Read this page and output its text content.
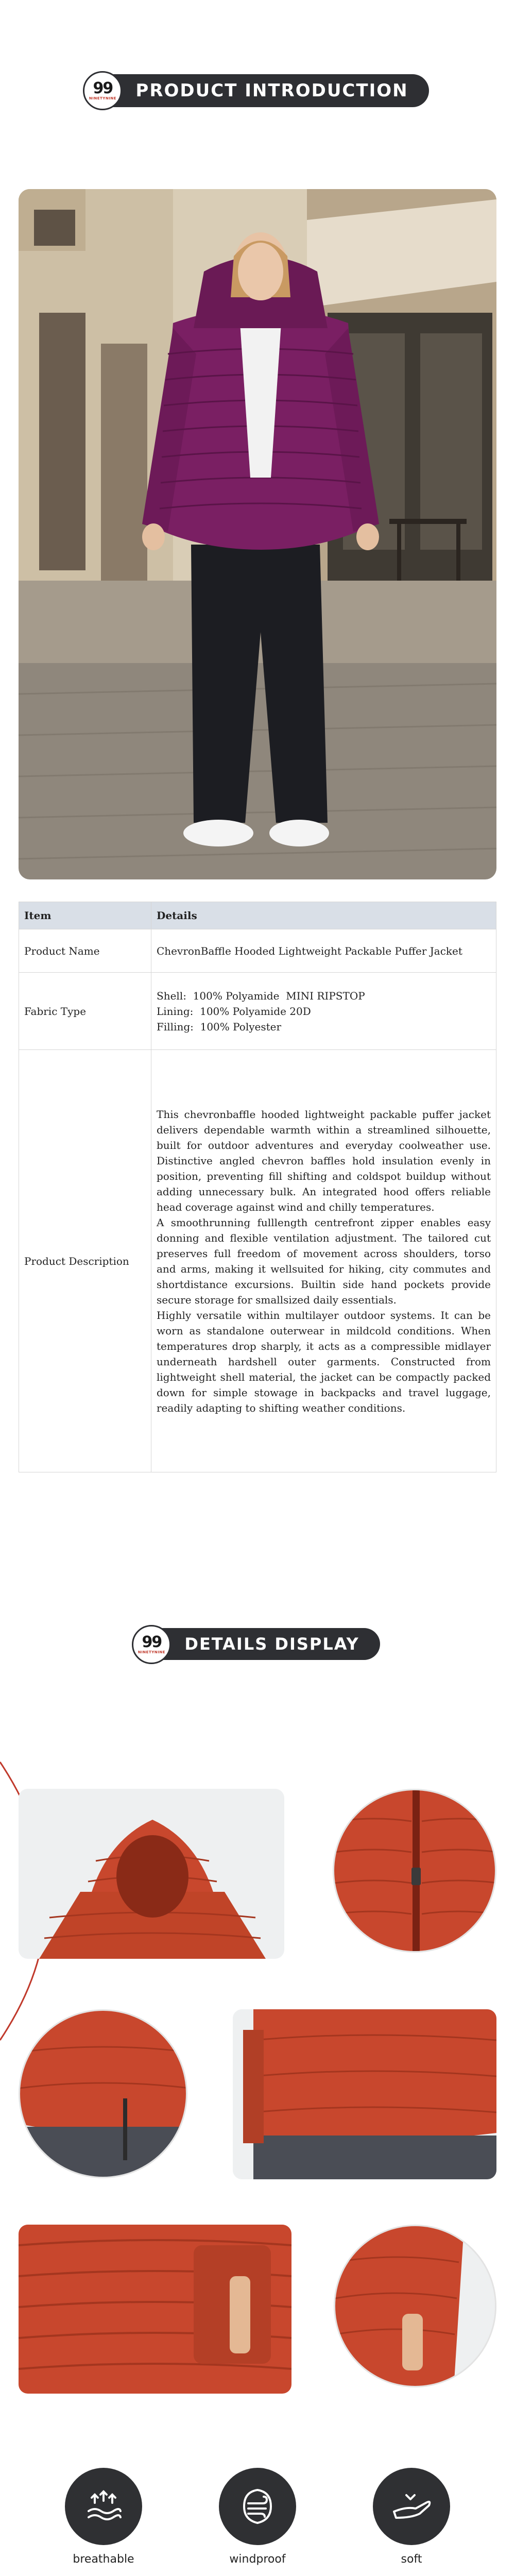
99
NINETYNINE PRODUCT INTRODUCTION
Item	Details
Product Name	ChevronBaffle Hooded Lightweight Packable Puffer Jacket
Fabric Type	Shell:  100% Polyamide  MINI RIPSTOP
Lining:  100% Polyamide 20D
Filling:  100% Polyester

Product Description	This chevronbaffle hooded lightweight packable puffer jacket delivers dependable warmth within a streamlined silhouette, built for outdoor adventures and everyday coolweather use. Distinctive angled chevron baffles hold insulation evenly in position, preventing fill shifting and coldspot buildup without adding unnecessary bulk. An integrated hood offers reliable head coverage against wind and chilly temperatures.

A smoothrunning fulllength centrefront zipper enables easy donning and flexible ventilation adjustment. The tailored cut preserves full freedom of movement across shoulders, torso and arms, making it wellsuited for hiking, city commutes and shortdistance excursions. Builtin side hand pockets provide secure storage for smallsized daily essentials.

Highly versatile within multilayer outdoor systems. It can be worn as standalone outerwear in mildcold conditions. When temperatures drop sharply, it acts as a compressible midlayer underneath hardshell outer garments. Constructed from lightweight shell material, the jacket can be compactly packed down for simple stowage in backpacks and travel luggage, readily adapting to shifting weather conditions.

99
NINETYNINE DETAILS DISPLAY
breathable	windproof	soft
